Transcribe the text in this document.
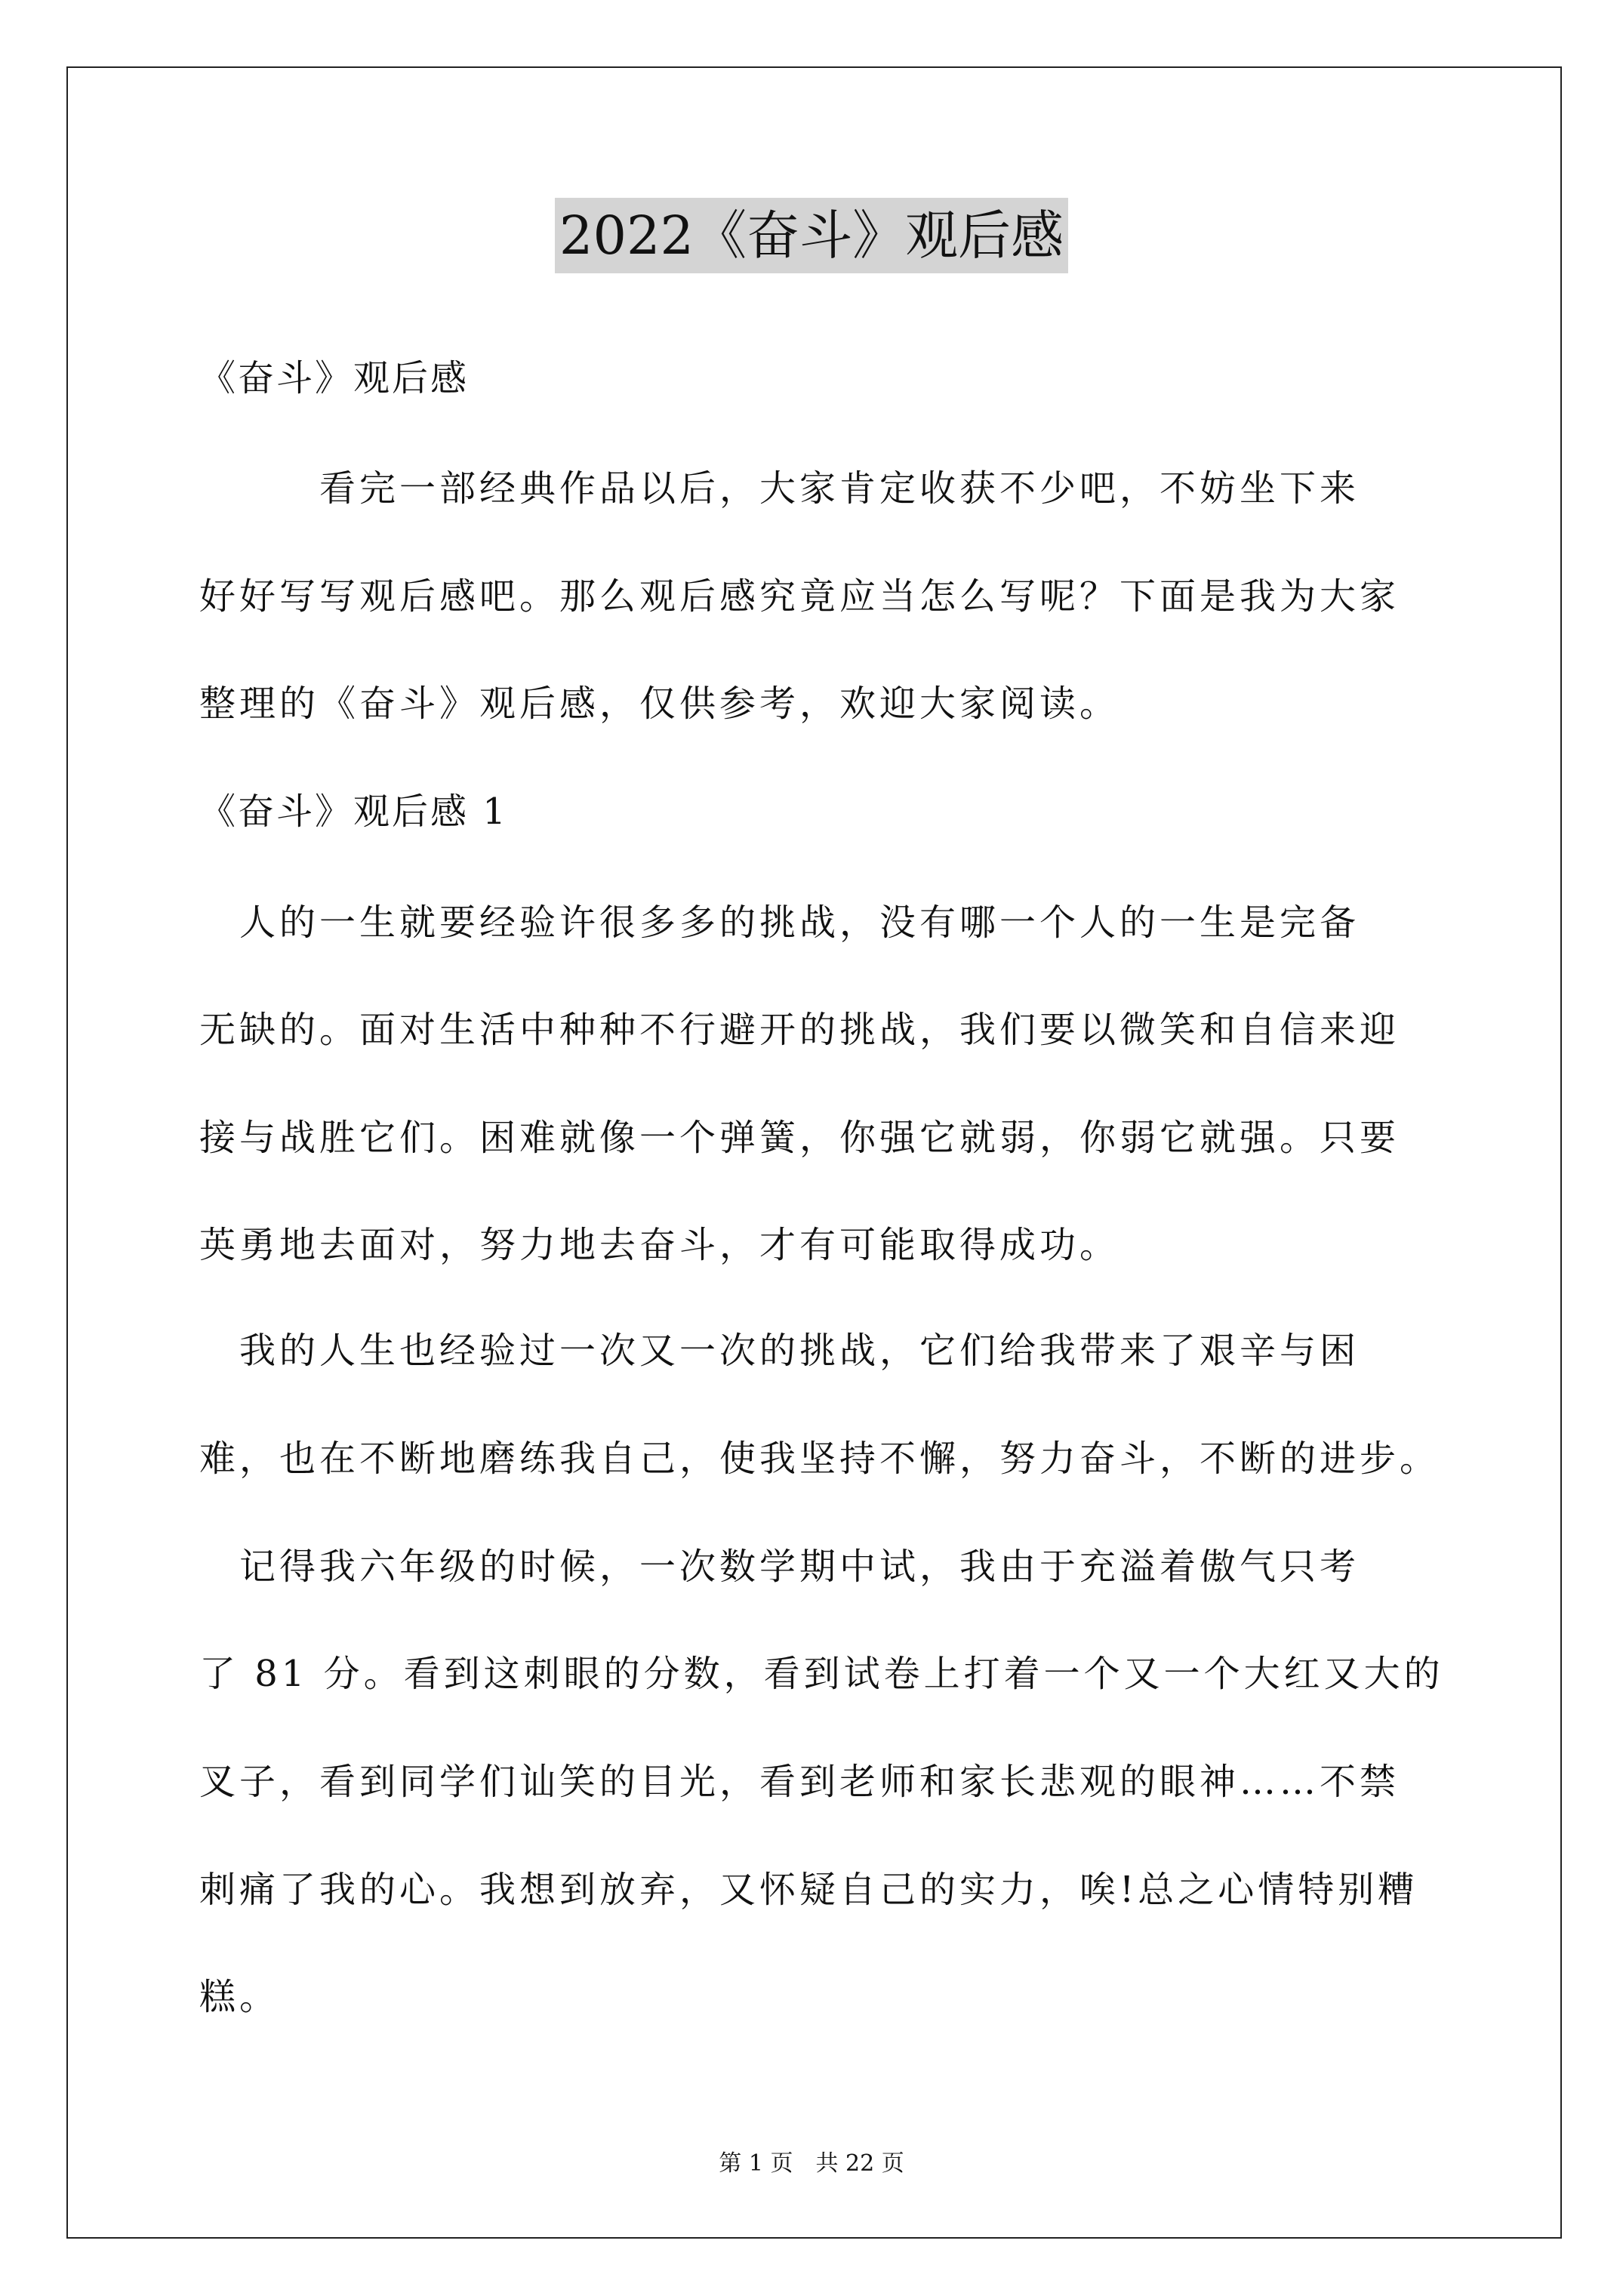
2022《奋斗》观后感
《奋斗》观后感
　　　看完一部经典作品以后，大家肯定收获不少吧，不妨坐下来
好好写写观后感吧。那么观后感究竟应当怎么写呢？下面是我为大家
整理的《奋斗》观后感，仅供参考，欢迎大家阅读。
《奋斗》观后感 1
　人的一生就要经验许很多多的挑战，没有哪一个人的一生是完备
无缺的。面对生活中种种不行避开的挑战，我们要以微笑和自信来迎
接与战胜它们。困难就像一个弹簧，你强它就弱，你弱它就强。只要
英勇地去面对，努力地去奋斗，才有可能取得成功。
　我的人生也经验过一次又一次的挑战，它们给我带来了艰辛与困
难，也在不断地磨练我自己，使我坚持不懈，努力奋斗，不断的进步。
　记得我六年级的时候，一次数学期中试，我由于充溢着傲气只考
了 81 分。看到这刺眼的分数，看到试卷上打着一个又一个大红又大的
叉子，看到同学们讪笑的目光，看到老师和家长悲观的眼神……不禁
刺痛了我的心。我想到放弃，又怀疑自己的实力，唉!总之心情特别糟
糕。
第 1 页　共 22 页
